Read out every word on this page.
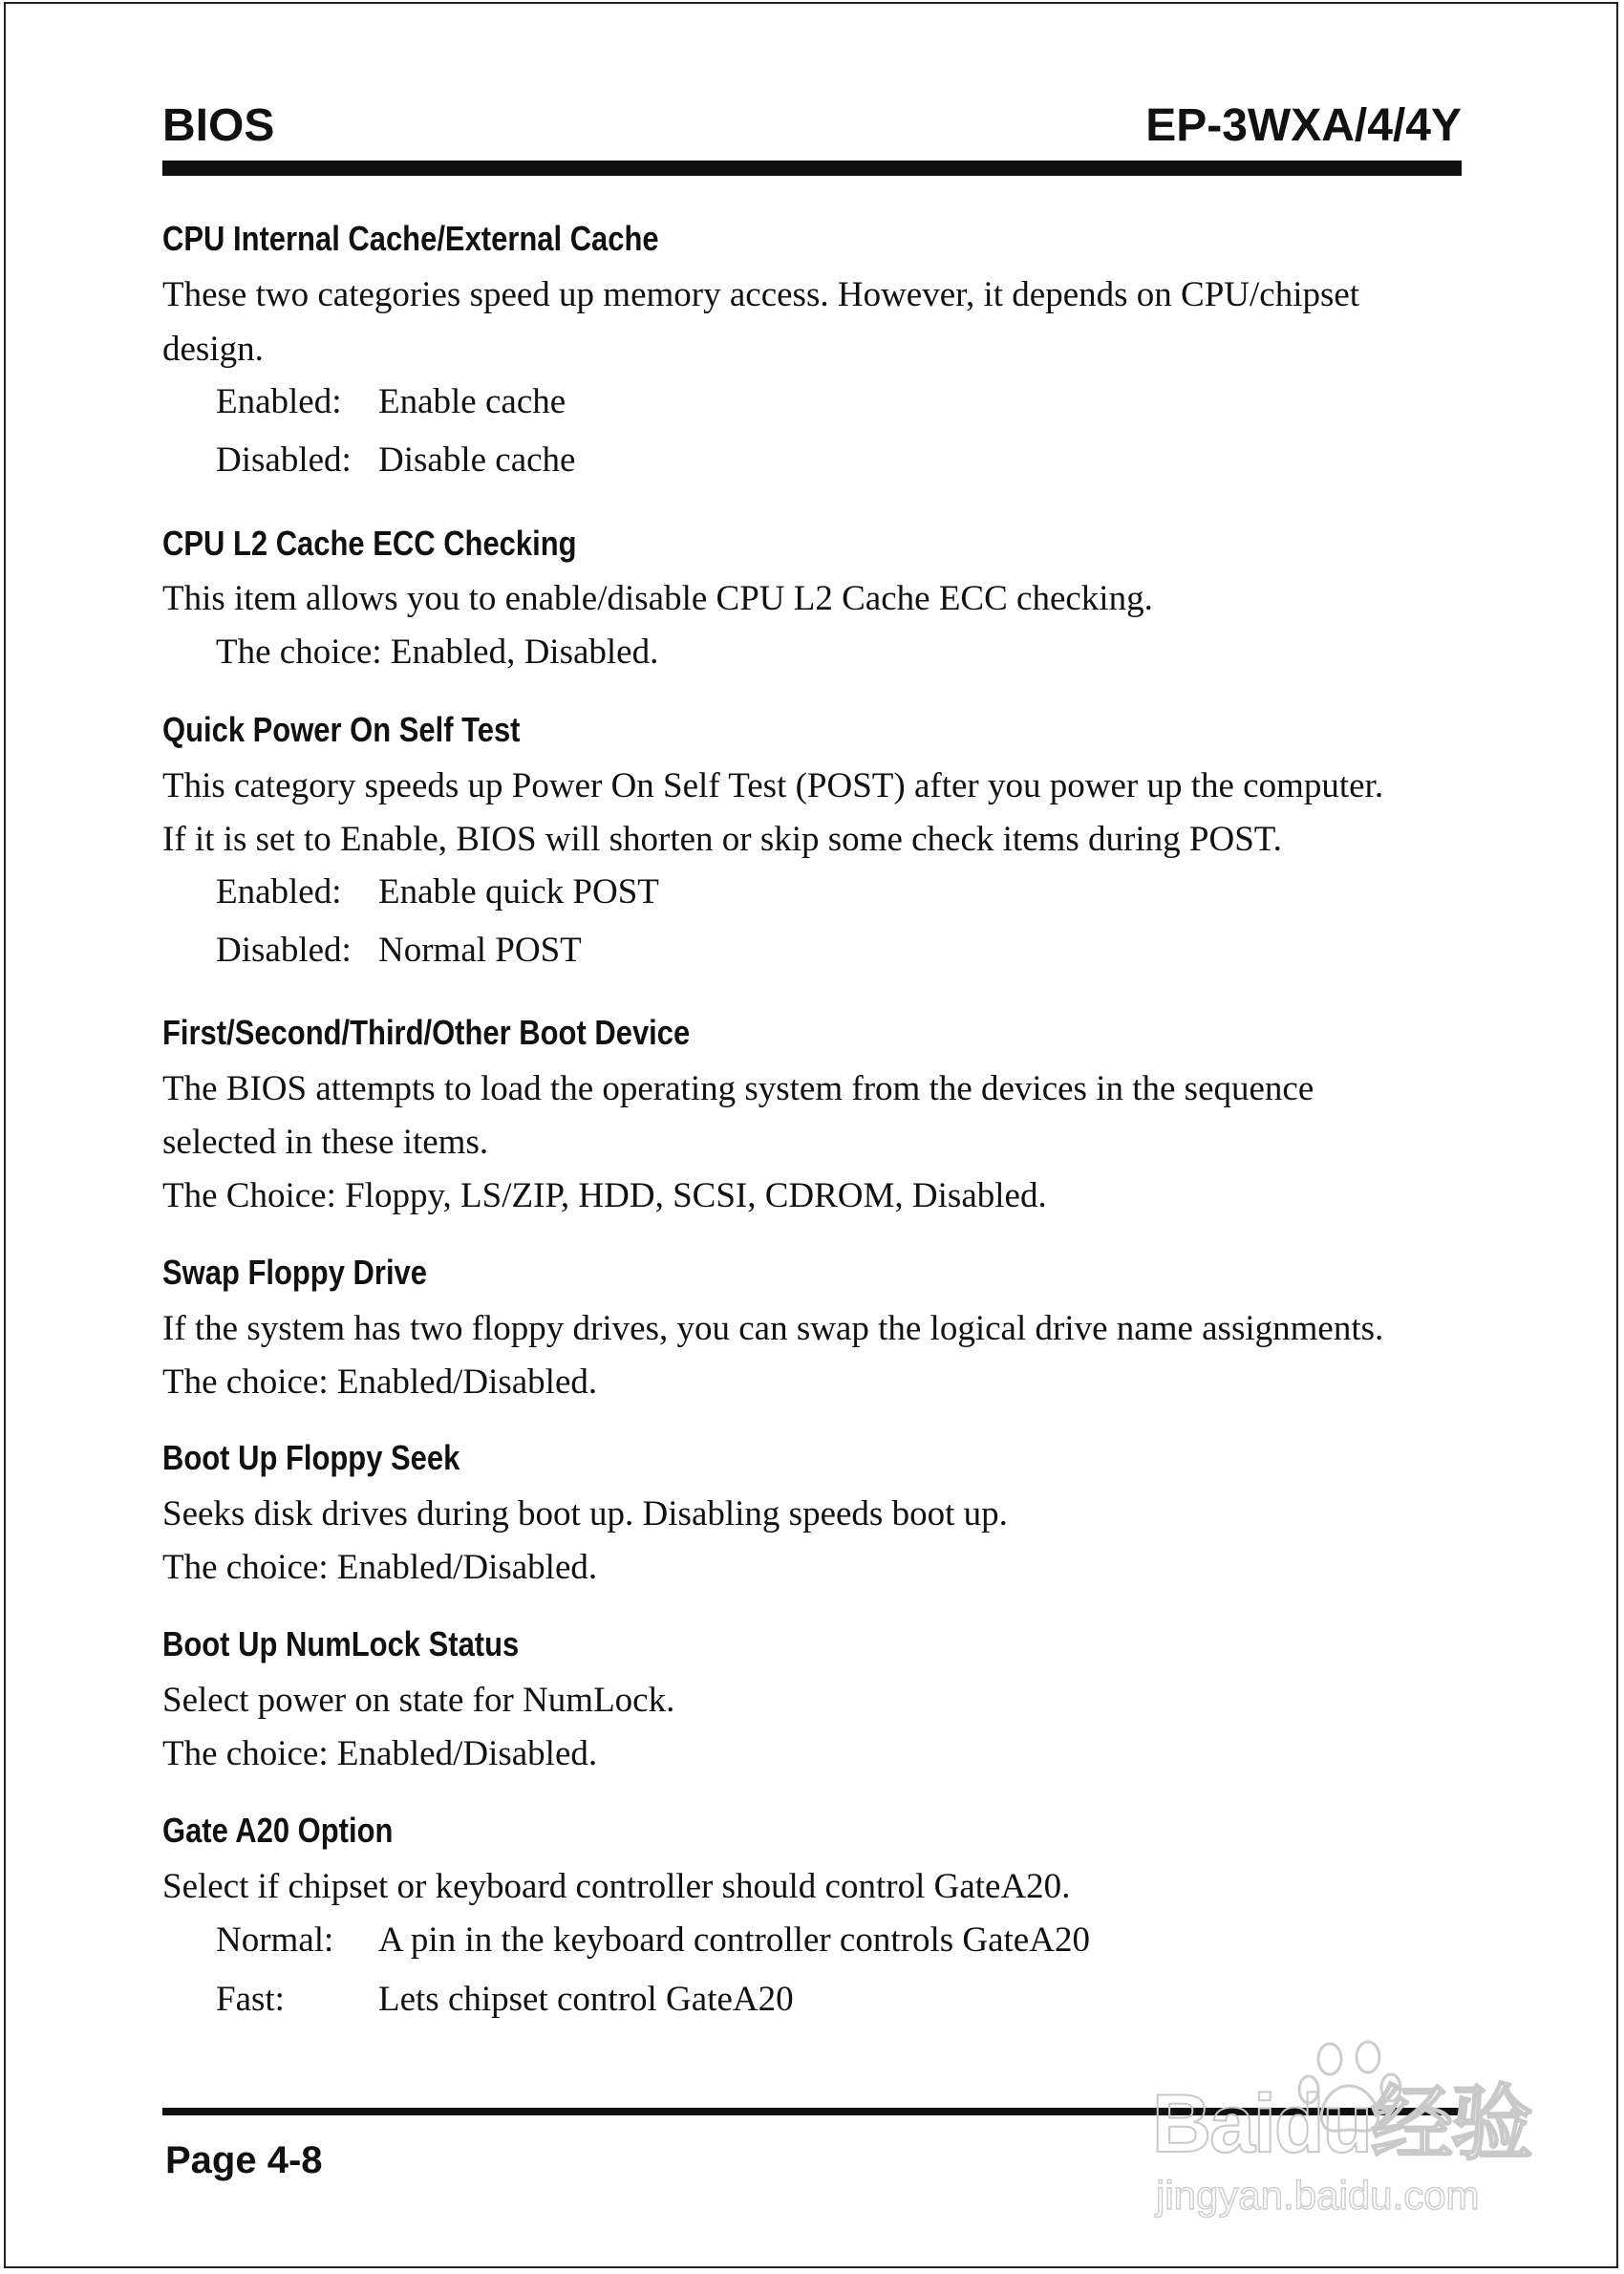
BIOS	EP-3WXA/4/4Y
CPU Internal Cache/External Cache
These two categories speed up memory access. However, it depends on CPU/chipset
design.
Enabled: Enable cache
Disabled: Disable cache
CPU L2 Cache ECC Checking
This item allows you to enable/disable CPU L2 Cache ECC checking.
The choice: Enabled, Disabled.
Quick Power On Self Test
This category speeds up Power On Self Test (POST) after you power up the computer.
If it is set to Enable, BIOS will shorten or skip some check items during POST.
Enabled: Enable quick POST
Disabled: Normal POST
First/Second/Third/Other Boot Device
The BIOS attempts to load the operating system from the devices in the sequence
selected in these items.
The Choice: Floppy, LS/ZIP, HDD, SCSI, CDROM, Disabled.
Swap Floppy Drive
If the system has two floppy drives, you can swap the logical drive name assignments.
The choice: Enabled/Disabled.
Boot Up Floppy Seek
Seeks disk drives during boot up. Disabling speeds boot up.
The choice: Enabled/Disabled.
Boot Up NumLock Status
Select power on state for NumLock.
The choice: Enabled/Disabled.
Gate A20 Option
Select if chipset or keyboard controller should control GateA20.
Normal: A pin in the keyboard controller controls GateA20
Fast:	Lets chipset control GateA20
Page 4-8	Baidu经验
jingyan.baidu.com
